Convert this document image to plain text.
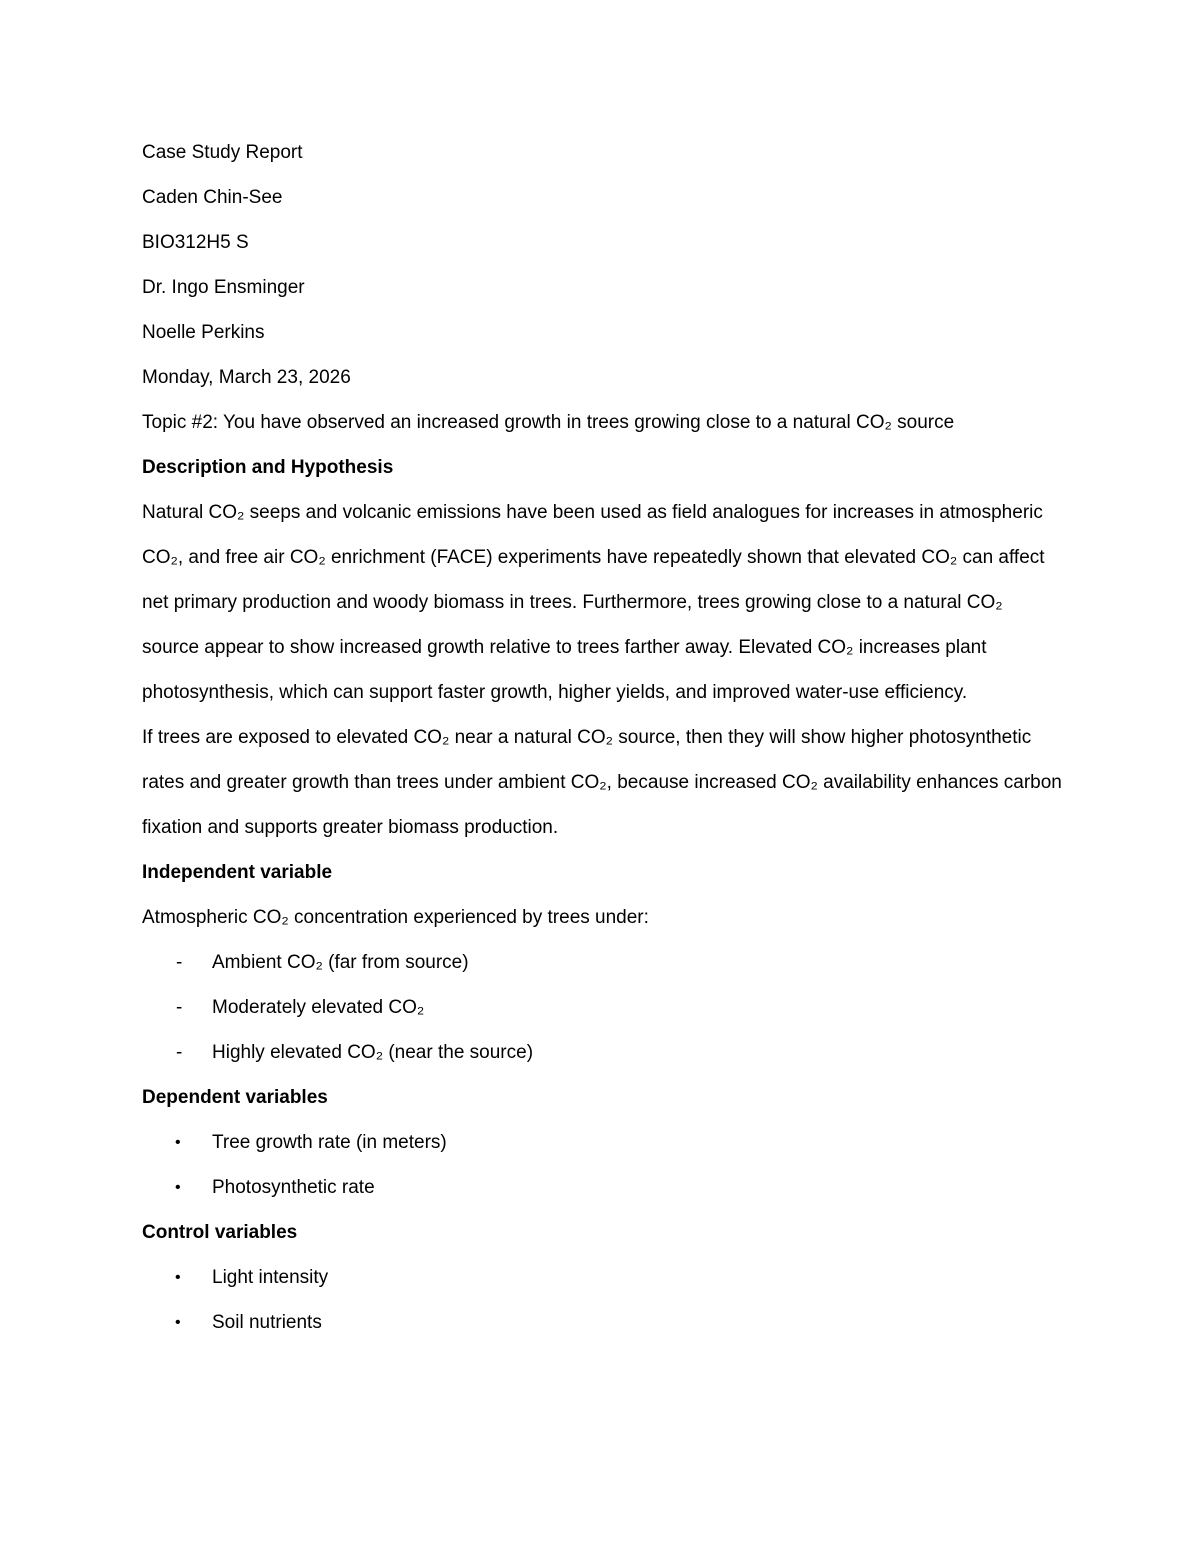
Case Study Report
Caden Chin-See
BIO312H5 S
Dr. Ingo Ensminger
Noelle Perkins
Monday, March 23, 2026
Topic #2: You have observed an increased growth in trees growing close to a natural CO₂ source
Description and Hypothesis
Natural CO₂ seeps and volcanic emissions have been used as field analogues for increases in atmospheric CO₂, and free air CO₂ enrichment (FACE) experiments have repeatedly shown that elevated CO₂ can affect net primary production and woody biomass in trees. Furthermore, trees growing close to a natural CO₂ source appear to show increased growth relative to trees farther away. Elevated CO₂ increases plant photosynthesis, which can support faster growth, higher yields, and improved water-use efficiency.
If trees are exposed to elevated CO₂ near a natural CO₂ source, then they will show higher photosynthetic rates and greater growth than trees under ambient CO₂, because increased CO₂ availability enhances carbon fixation and supports greater biomass production.
Independent variable
Atmospheric CO₂ concentration experienced by trees under:
-	Ambient CO₂ (far from source)
-	Moderately elevated CO₂
-	Highly elevated CO₂ (near the source)
Dependent variables
•	Tree growth rate (in meters)
•	Photosynthetic rate
Control variables
•	Light intensity
•	Soil nutrients
